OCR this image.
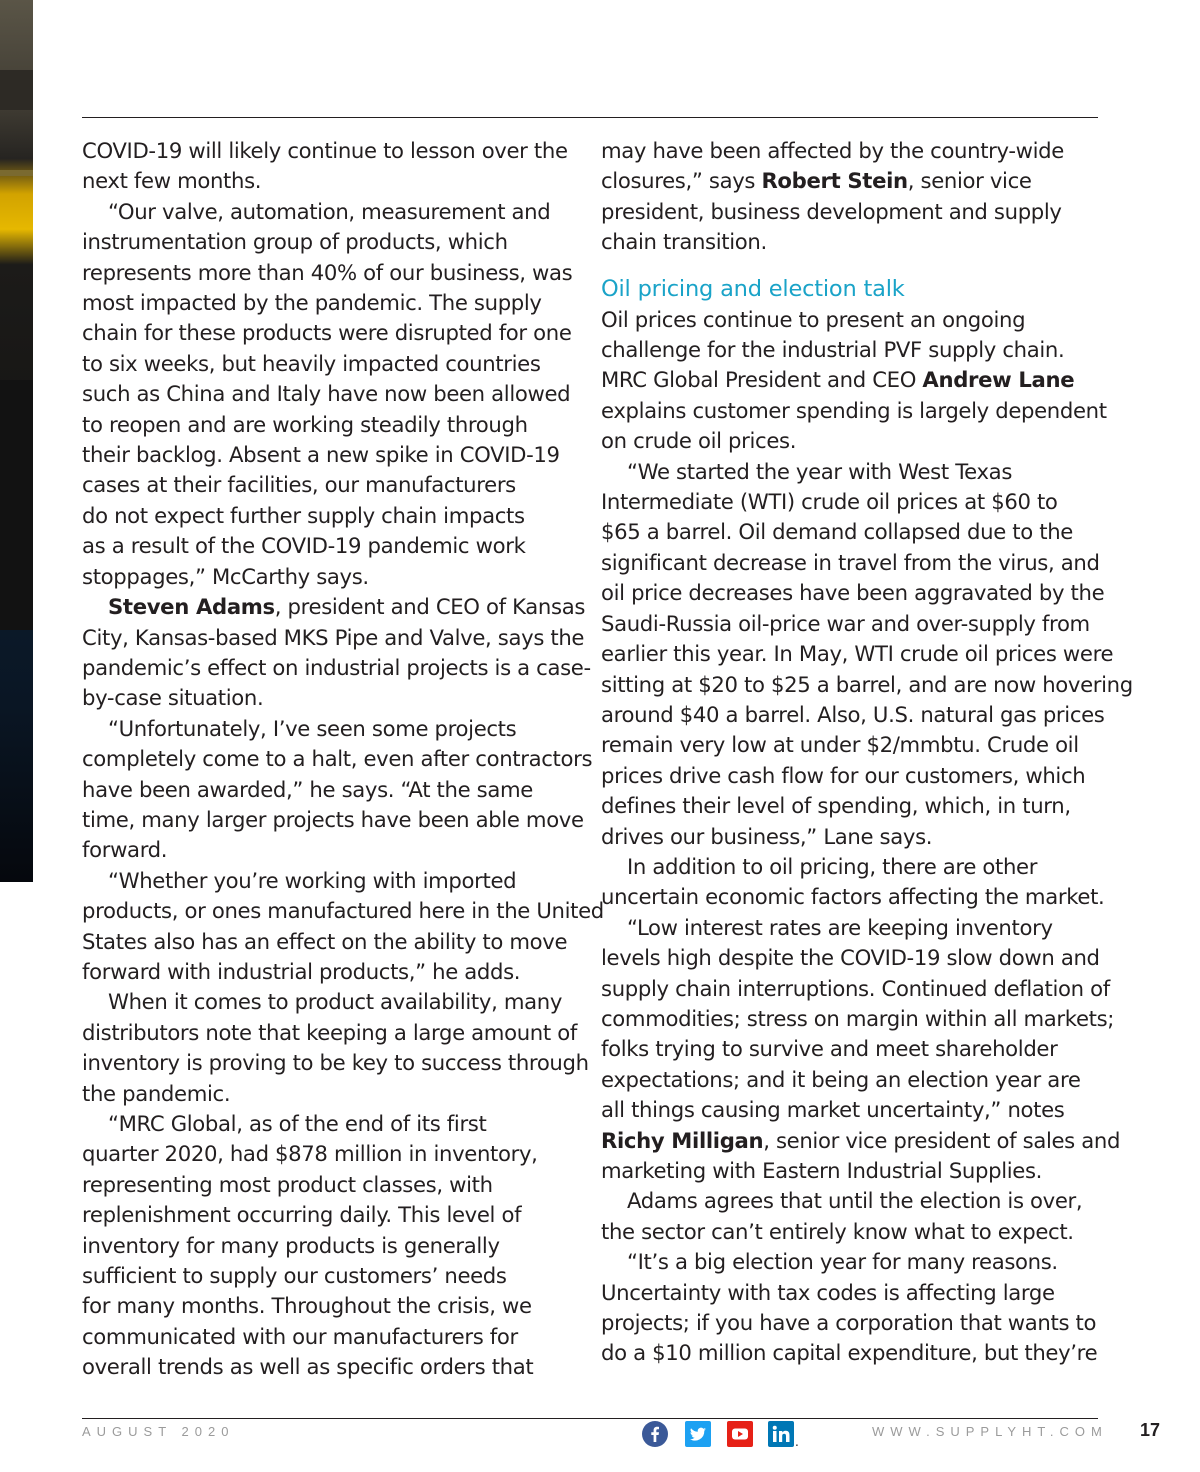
COVID-19 will likely continue to lesson over the

next few months.

“Our valve, automation, measurement and

instrumentation group of products, which

represents more than 40% of our business, was

most impacted by the pandemic. The supply

chain for these products were disrupted for one

to six weeks, but heavily impacted countries

such as China and Italy have now been allowed

to reopen and are working steadily through

their backlog. Absent a new spike in COVID-19

cases at their facilities, our manufacturers

do not expect further supply chain impacts

as a result of the COVID-19 pandemic work

stoppages,” McCarthy says.

Steven Adams, president and CEO of Kansas

City, Kansas-based MKS Pipe and Valve, says the

pandemic’s effect on industrial projects is a case-

by-case situation.

“Unfortunately, I’ve seen some projects

completely come to a halt, even after contractors

have been awarded,” he says. “At the same

time, many larger projects have been able move

forward.

“Whether you’re working with imported

products, or ones manufactured here in the United

States also has an effect on the ability to move

forward with industrial products,” he adds.

When it comes to product availability, many

distributors note that keeping a large amount of

inventory is proving to be key to success through

the pandemic.

“MRC Global, as of the end of its first

quarter 2020, had $878 million in inventory,

representing most product classes, with

replenishment occurring daily. This level of

inventory for many products is generally

sufficient to supply our customers’ needs

for many months. Throughout the crisis, we

communicated with our manufacturers for

overall trends as well as specific orders that

may have been affected by the country-wide

closures,” says Robert Stein, senior vice

president, business development and supply

chain transition.

Oil pricing and election talk

Oil prices continue to present an ongoing

challenge for the industrial PVF supply chain.

MRC Global President and CEO Andrew Lane

explains customer spending is largely dependent

on crude oil prices.

“We started the year with West Texas

Intermediate (WTI) crude oil prices at $60 to

$65 a barrel. Oil demand collapsed due to the

significant decrease in travel from the virus, and

oil price decreases have been aggravated by the

Saudi-Russia oil-price war and over-supply from

earlier this year. In May, WTI crude oil prices were

sitting at $20 to $25 a barrel, and are now hovering

around $40 a barrel. Also, U.S. natural gas prices

remain very low at under $2/mmbtu. Crude oil

prices drive cash flow for our customers, which

defines their level of spending, which, in turn,

drives our business,” Lane says.

In addition to oil pricing, there are other

uncertain economic factors affecting the market.

“Low interest rates are keeping inventory

levels high despite the COVID-19 slow down and

supply chain interruptions. Continued deflation of

commodities; stress on margin within all markets;

folks trying to survive and meet shareholder

expectations; and it being an election year are

all things causing market uncertainty,” notes

Richy Milligan, senior vice president of sales and

marketing with Eastern Industrial Supplies.

Adams agrees that until the election is over,

the sector can’t entirely know what to expect.

“It’s a big election year for many reasons.

Uncertainty with tax codes is affecting large

projects; if you have a corporation that wants to

do a $10 million capital expenditure, but they’re

AUGUST 2020
.
WWW.SUPPLYHT.COM 17
